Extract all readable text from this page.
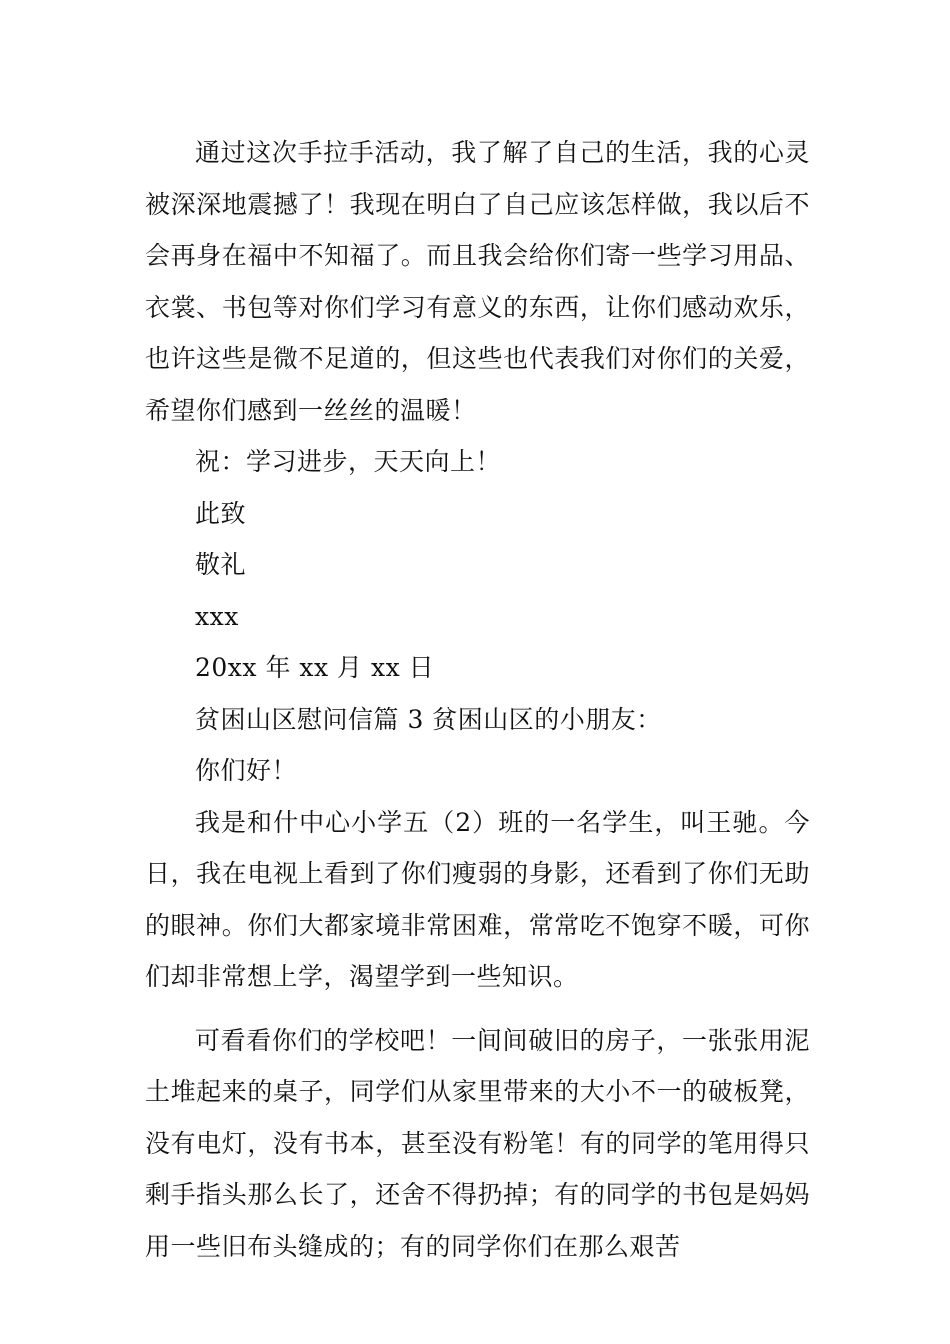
通过这次手拉手活动，我了解了自己的生活，我的心灵被深深地震撼了！我现在明白了自己应该怎样做，我以后不会再身在福中不知福了。而且我会给你们寄一些学习用品、衣裳、书包等对你们学习有意义的东西，让你们感动欢乐，也许这些是微不足道的，但这些也代表我们对你们的关爱，希望你们感到一丝丝的温暖！

祝：学习进步，天天向上！

此致

敬礼

xxx

20xx 年 xx 月 xx 日

贫困山区慰问信篇 3 贫困山区的小朋友：

你们好！

我是和什中心小学五（2）班的一名学生，叫王驰。今日，我在电视上看到了你们瘦弱的身影，还看到了你们无助的眼神。你们大都家境非常困难，常常吃不饱穿不暖，可你们却非常想上学，渴望学到一些知识。

可看看你们的学校吧！一间间破旧的房子，一张张用泥土堆起来的桌子，同学们从家里带来的大小不一的破板凳，没有电灯，没有书本，甚至没有粉笔！有的同学的笔用得只剩手指头那么长了，还舍不得扔掉；有的同学的书包是妈妈用一些旧布头缝成的；有的同学你们在那么艰苦
